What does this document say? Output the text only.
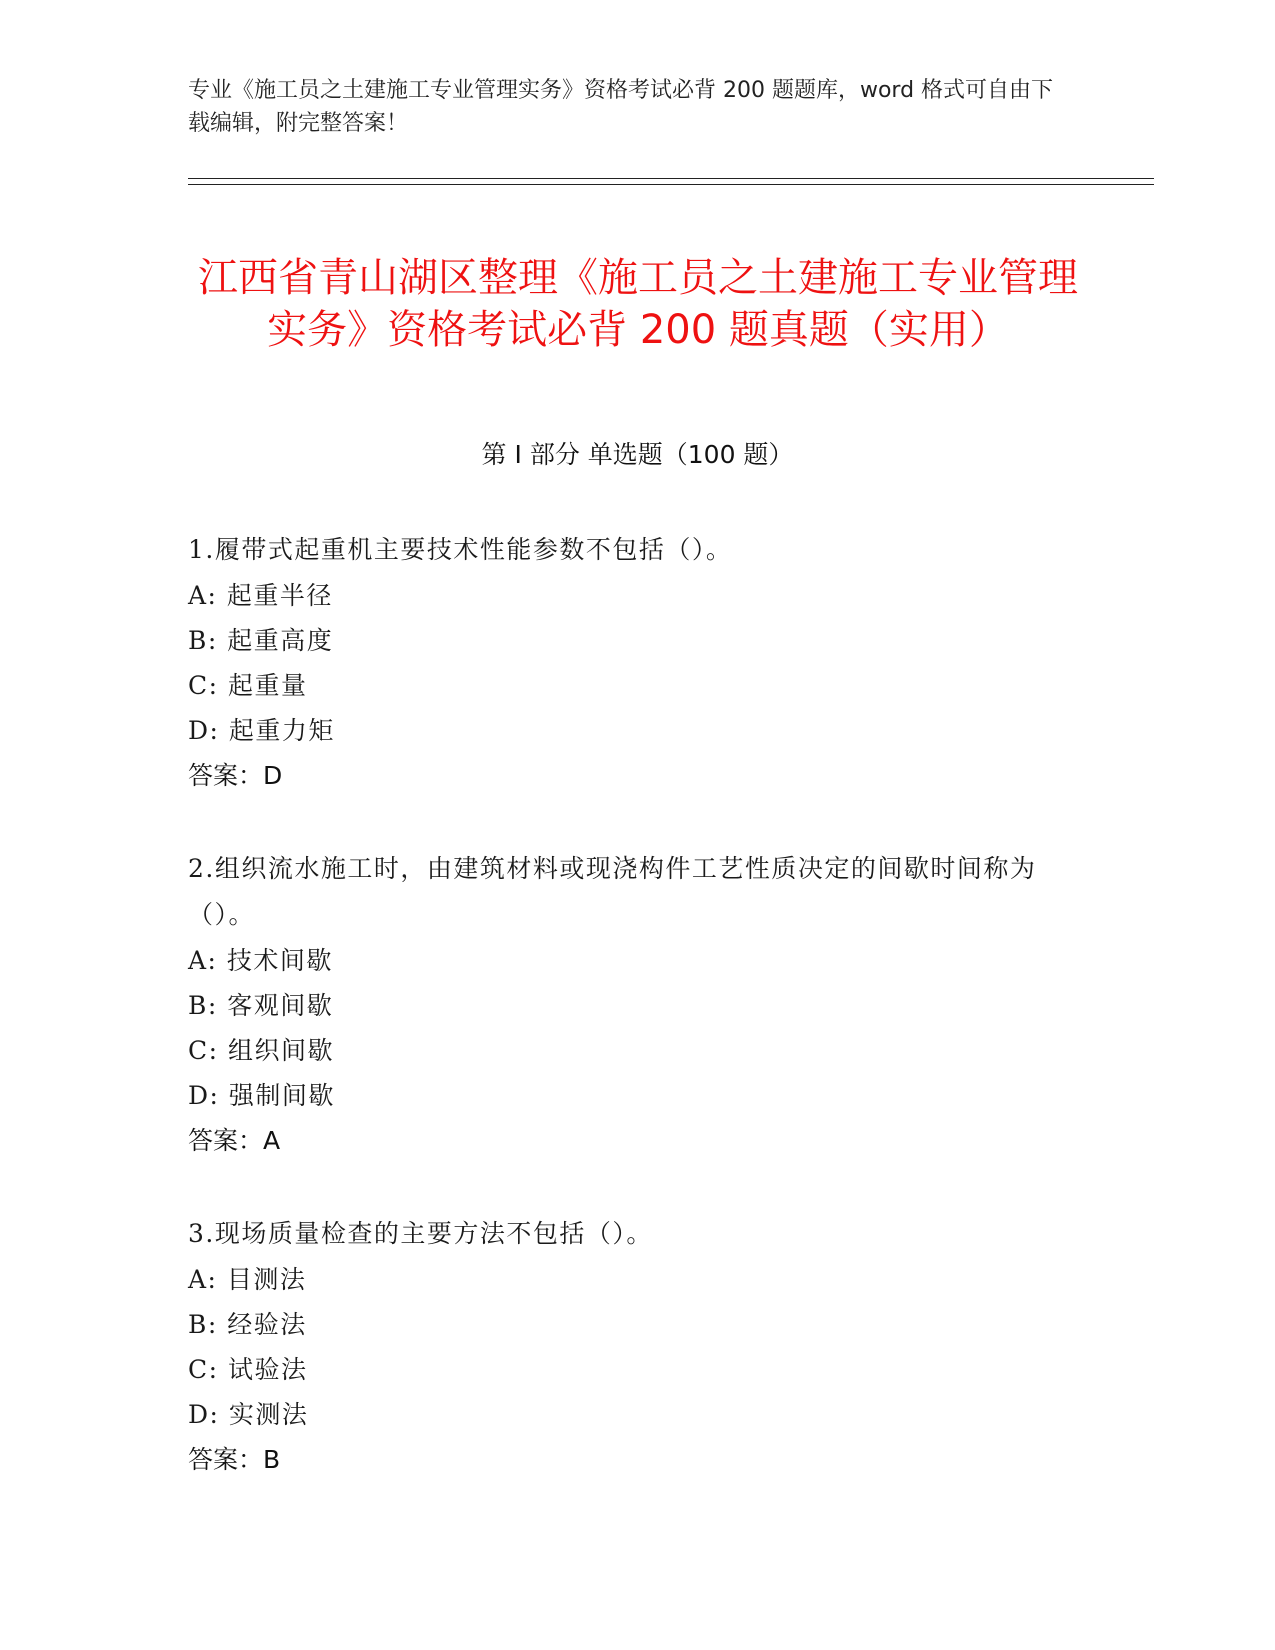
专业《施工员之土建施工专业管理实务》资格考试必背 200 题题库，word 格式可自由下载编辑，附完整答案！
江西省青山湖区整理《施工员之土建施工专业管理实务》资格考试必背 200 题真题（实用）
第 I 部分 单选题（100 题）
1.履带式起重机主要技术性能参数不包括（）。
A: 起重半径
B: 起重高度
C: 起重量
D: 起重力矩
答案：D
2.组织流水施工时，由建筑材料或现浇构件工艺性质决定的间歇时间称为（）。
A: 技术间歇
B: 客观间歇
C: 组织间歇
D: 强制间歇
答案：A
3.现场质量检查的主要方法不包括（）。
A: 目测法
B: 经验法
C: 试验法
D: 实测法
答案：B
